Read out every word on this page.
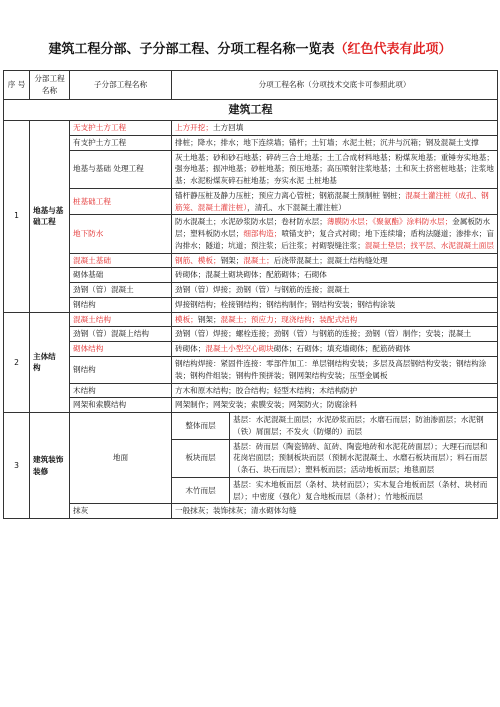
建筑工程分部、子分部工程、分项工程名称一览表（红色代表有此项）
序 号	分部工程名称	子分部工程名称	分项工程名称（分项技术交底卡可参照此项）	
建筑工程				
1	地基与基础工程	无支护土方工程	上方开挖；土方回填	
		有支护土方工程	排桩；降水；排水；地下连续墙；锚杆；土钉墙；水泥土桩；沉井与沉箱；钢及混凝土支撑	
		地基与基础 处理工程	灰土地基；砂和砂石地基；碎砖三合土地基；土工合成材料地基；粉煤灰地基；重锤夯实地基；强夯地基；振冲地基；砂桩地基；预压地基；高压喷射注浆地基；土和灰土挤密桩地基；注浆地基；水泥粉煤灰碎石桩地基；夯实水泥 土桩地基	
		桩基础工程	锚杆静压桩及静力压桩；预应力离心管桩；钢筋混凝土预制桩 钢桩；混凝土灌注桩（成孔、钢筋笼、混凝土灌注桩），清孔、水下混凝土灌注桩）	
		地下防水	防水混凝土；水泥砂浆防水层；卷材防水层；薄膜防水层；《聚氨酯》涂料防水层；金属板防水层；塑料板防水层；细部构造；喷锚支护；复合式衬砌；地下连续墙；盾构法隧道；渗排水；盲沟排水；隧道；坑道；预注浆；后注浆；衬砌裂缝注浆；混凝土垫层；找平层、水泥混凝土面层	
		混凝土基础	钢筋、模板；钢架；混凝土；后浇带混凝土；混凝土结构缝处理	
		砌体基础	砖砌体；混凝土砌块砌体；配筋砌体；石砌体	
		劲钢（管）混凝土	劲钢（管）焊接；劲钢（管）与钢筋的连接；混凝土	
		钢结构	焊接钢结构；栓接钢结构；钢结构制作；钢结构安装；钢结构涂装	
2	主体结 构	混凝土结构	模板；钢架；混凝土；预应力；现浇结构；装配式结构	
		劲钢（管）混凝上结构	劲钢（管）焊接；螺栓连接；劲钢（管）与钢筋的连接；劲钢（管）制作；安装；混凝土	
		砌体结构	砖砌体；混凝土小型空心砌块砌体；石砌体；填充墙砌体；配筋砖砌体	
		钢结构	钢结构焊接：紧固件连接：零部件加工：单层钢结构安装；多层及高层钢结构安装；钢结构涂装；钢构件组装；钢构件预拼装；钢网架结构安装；压型金属板	
		木结构	方木和原木结构；胶合结构；轻型木结构；木结构防护	
		网架和索膜结构	网架制作；网架安装；索膜安装；网架防火；防腐涂料	
3	建筑装饰装修	地面	整体而层	基层：水泥混凝土面层；水泥砂浆而层；水磨石而层；防油渗面层；水泥钢（铁）屑面层；不发火（防爆的）而层
			板块而层	基层：砖而层（陶瓷锦砖、缸砖、陶瓷地砖和水泥花砖面层）；大理石而层和花岗岩面层；预制板块而层（预制水泥混凝土、水磨石板块而层）；料石而层（条石、块石而层）；塑料板而层；活动地板而层；地毯面层
			木竹而层	基层：实木地板而层（条材、块材而层）；实木复合地板而层（条材、块材而层）；中密度（强化）复合地板而层（条材）；竹地板而层
		抹灰	一般抹灰；装饰抹灰；清水砌体勾缝	
